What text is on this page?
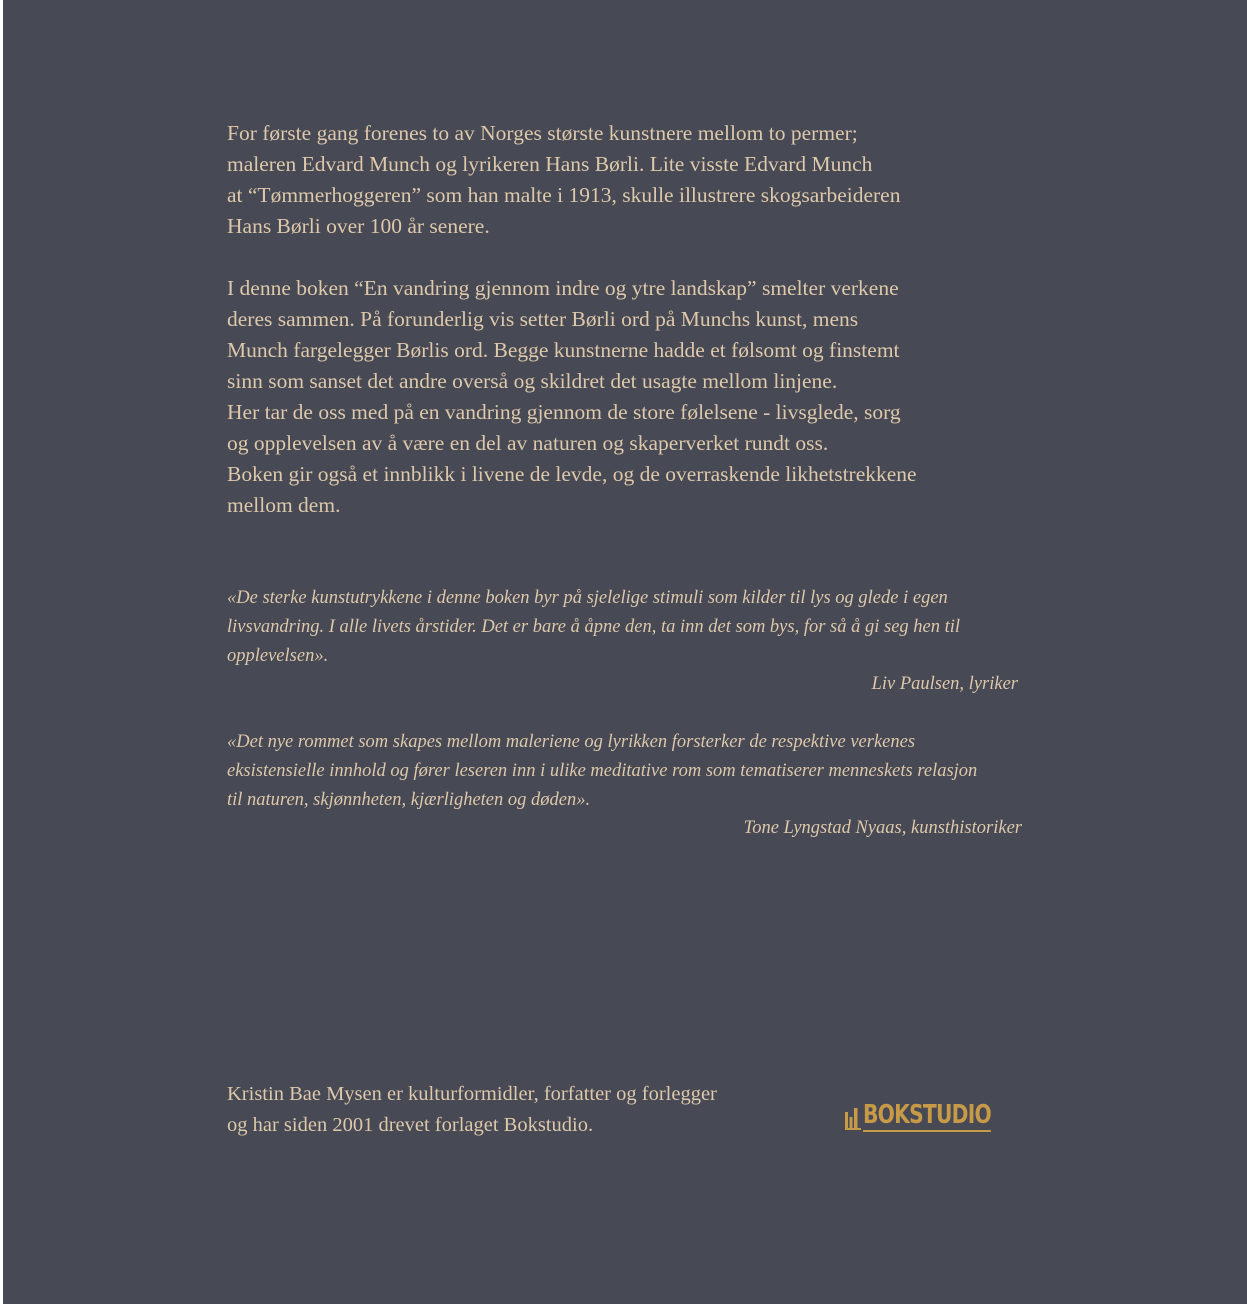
For første gang forenes to av Norges største kunstnere mellom to permer;
maleren Edvard Munch og lyrikeren Hans Børli. Lite visste Edvard Munch
at “Tømmerhoggeren” som han malte i 1913, skulle illustrere skogsarbeideren
Hans Børli over 100 år senere.

I denne boken “En vandring gjennom indre og ytre landskap” smelter verkene
deres sammen. På forunderlig vis setter Børli ord på Munchs kunst, mens
Munch fargelegger Børlis ord. Begge kunstnerne hadde et følsomt og finstemt
sinn som sanset det andre overså og skildret det usagte mellom linjene.
Her tar de oss med på en vandring gjennom de store følelsene - livsglede, sorg
og opplevelsen av å være en del av naturen og skaperverket rundt oss.
Boken gir også et innblikk i livene de levde, og de overraskende likhetstrekkene
mellom dem.

«De sterke kunstutrykkene i denne boken byr på sjelelige stimuli som kilder til lys og glede i egen
livsvandring. I alle livets årstider. Det er bare å åpne den, ta inn det som bys, for så å gi seg hen til
opplevelsen».

Liv Paulsen, lyriker

«Det nye rommet som skapes mellom maleriene og lyrikken forsterker de respektive verkenes
eksistensielle innhold og fører leseren inn i ulike meditative rom som tematiserer menneskets relasjon
til naturen, skjønnheten, kjærligheten og døden».

Tone Lyngstad Nyaas, kunsthistoriker

Kristin Bae Mysen er kulturformidler, forfatter og forlegger
og har siden 2001 drevet forlaget Bokstudio.	BOKSTUDIO
